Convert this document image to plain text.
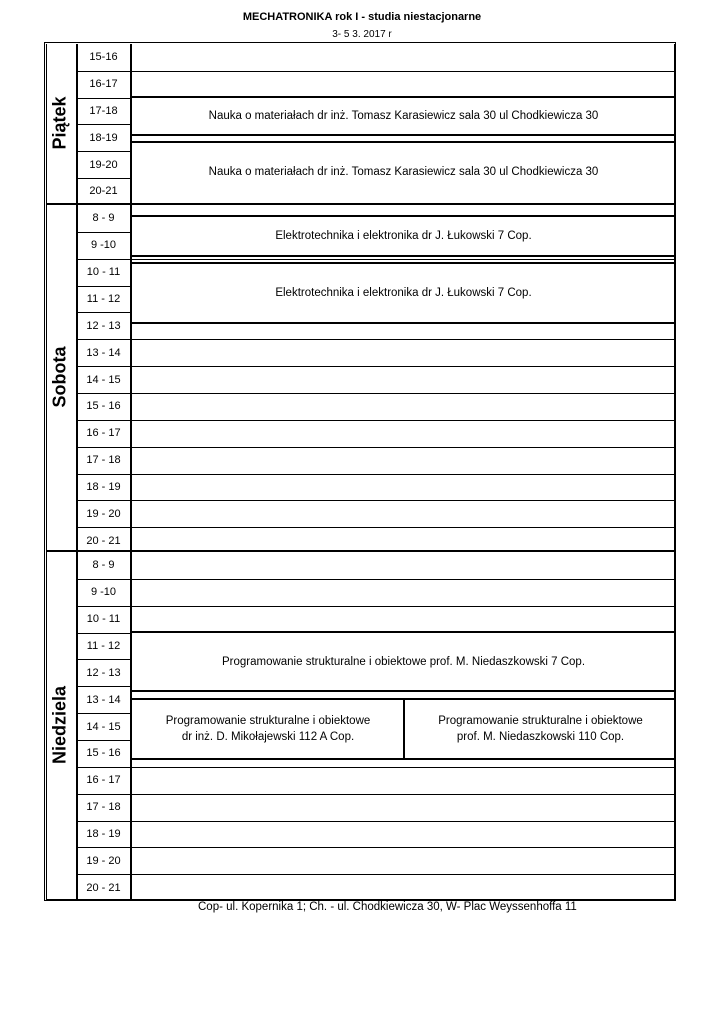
MECHATRONIKA rok I - studia niestacjonarne
3- 5 3. 2017 r
Piątek
Sobota
Niedziela
15-16
16-17
17-18
18-19
19-20
20-21
8 - 9
9 -10
10 - 11
11 - 12
12 - 13
13 - 14
14 - 15
15 - 16
16 - 17
17 - 18
18 - 19
19 - 20
20 - 21
8 - 9
9 -10
10 - 11
11 - 12
12 - 13
13 - 14
14 - 15
15 - 16
16 - 17
17 - 18
18 - 19
19 - 20
20 - 21
Nauka o materiałach dr inż. Tomasz Karasiewicz sala 30 ul Chodkiewicza 30
Nauka o materiałach dr inż. Tomasz Karasiewicz sala 30 ul Chodkiewicza 30
Elektrotechnika i elektronika dr J. Łukowski 7 Cop.
Elektrotechnika i elektronika dr J. Łukowski 7 Cop.
Programowanie strukturalne i obiektowe prof. M. Niedaszkowski 7 Cop.
Programowanie strukturalne i obiektowe
dr inż. D. Mikołajewski 112 A Cop.
Programowanie strukturalne i obiektowe
prof. M. Niedaszkowski 110 Cop.
Cop- ul. Kopernika 1; Ch. - ul. Chodkiewicza 30, W- Plac Weyssenhoffa 11
